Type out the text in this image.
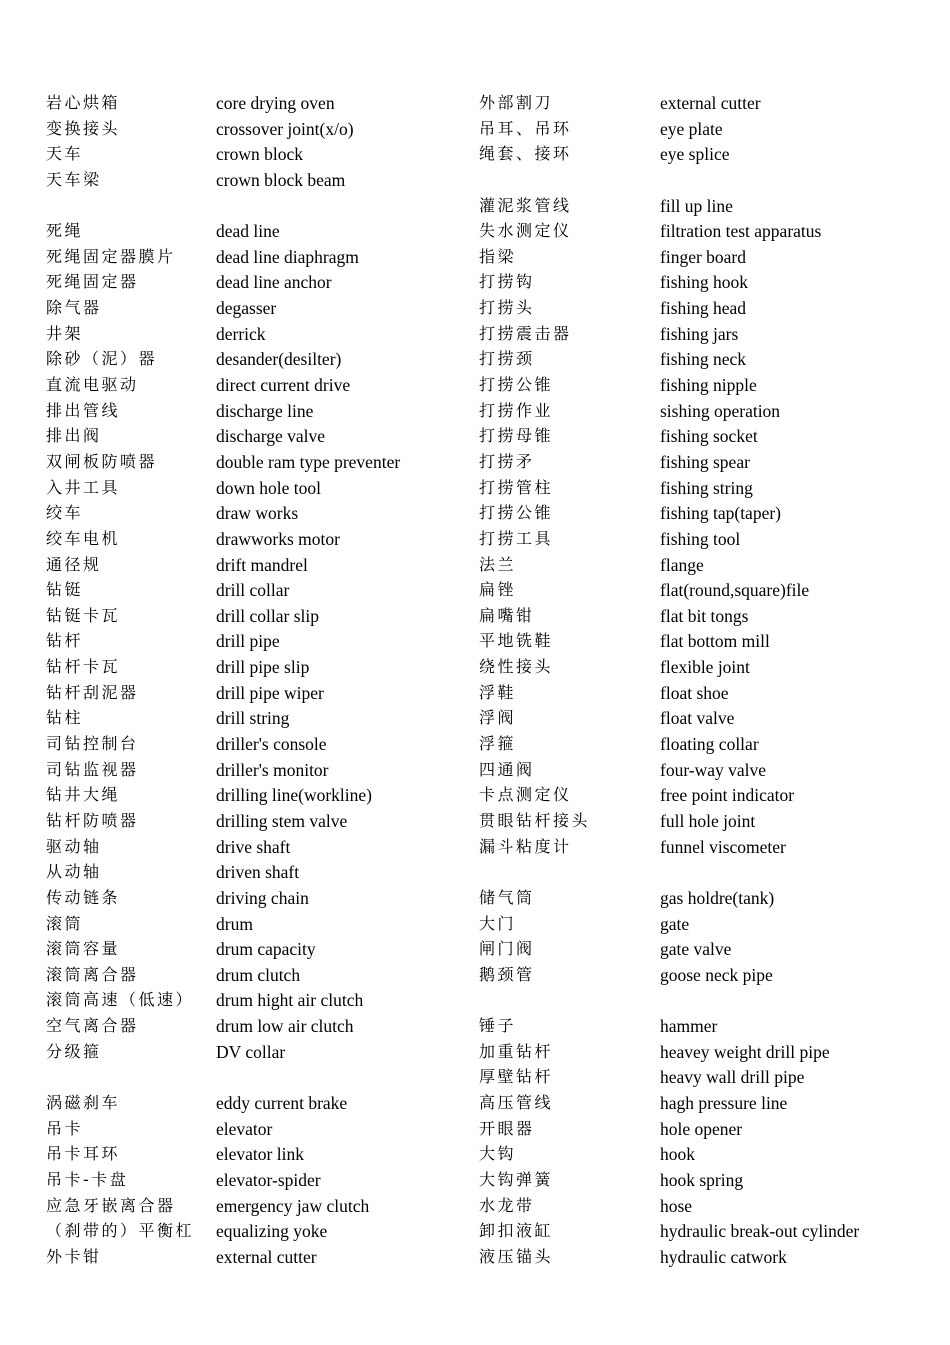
岩心烘箱	core drying oven
变换接头	crossover joint(x/o)
天车	crown block
天车梁	crown block beam
死绳	dead line
死绳固定器膜片 dead line diaphragm
死绳固定器	dead line anchor
除气器	degasser
井架	derrick
除砂（泥）器	desander(desilter)
直流电驱动	direct current drive
排出管线	discharge line
排出阀	discharge valve
双闸板防喷器	double ram type preventer
入井工具	down hole tool
绞车	draw works
绞车电机	drawworks motor
通径规	drift mandrel
钻铤	drill collar
钻铤卡瓦	drill collar slip
钻杆	drill pipe
钻杆卡瓦	drill pipe slip
钻杆刮泥器	drill pipe wiper
钻柱	drill string
司钻控制台	driller's console
司钻监视器	driller's monitor
钻井大绳	drilling line(workline)
钻杆防喷器	drilling stem valve
驱动轴	drive shaft
从动轴	driven shaft
传动链条	driving chain
滚筒	drum
滚筒容量	drum capacity
滚筒离合器	drum clutch
滚筒高速（低速） drum hight air clutch
空气离合器	drum low air clutch
分级箍	DV collar
涡磁刹车	eddy current brake
吊卡	elevator
吊卡耳环	elevator link
吊卡-卡盘	elevator-spider
应急牙嵌离合器 emergency jaw clutch
（刹带的）平衡杠 equalizing yoke
外卡钳	external cutter
外部割刀	external cutter
吊耳、吊环	eye plate
绳套、接环	eye splice
灌泥浆管线	fill up line
失水测定仪	filtration test apparatus
指梁	finger board
打捞钩	fishing hook
打捞头	fishing head
打捞震击器	fishing jars
打捞颈	fishing neck
打捞公锥	fishing nipple
打捞作业	sishing operation
打捞母锥	fishing socket
打捞矛	fishing spear
打捞管柱	fishing string
打捞公锥	fishing tap(taper)
打捞工具	fishing tool
法兰	flange
扁锉	flat(round,square)file
扁嘴钳	flat bit tongs
平地铣鞋	flat bottom mill
绕性接头	flexible joint
浮鞋	float shoe
浮阀	float valve
浮箍	floating collar
四通阀	four-way valve
卡点测定仪	free point indicator
贯眼钻杆接头	full hole joint
漏斗粘度计	funnel viscometer
储气筒	gas holdre(tank)
大门	gate
闸门阀	gate valve
鹅颈管	goose neck pipe
锤子	hammer
加重钻杆	heavey weight drill pipe
厚壁钻杆	heavy wall drill pipe
高压管线	hagh pressure line
开眼器	hole opener
大钩	hook
大钩弹簧	hook spring
水龙带	hose
卸扣液缸	hydraulic break-out cylinder
液压锚头	hydraulic catwork
